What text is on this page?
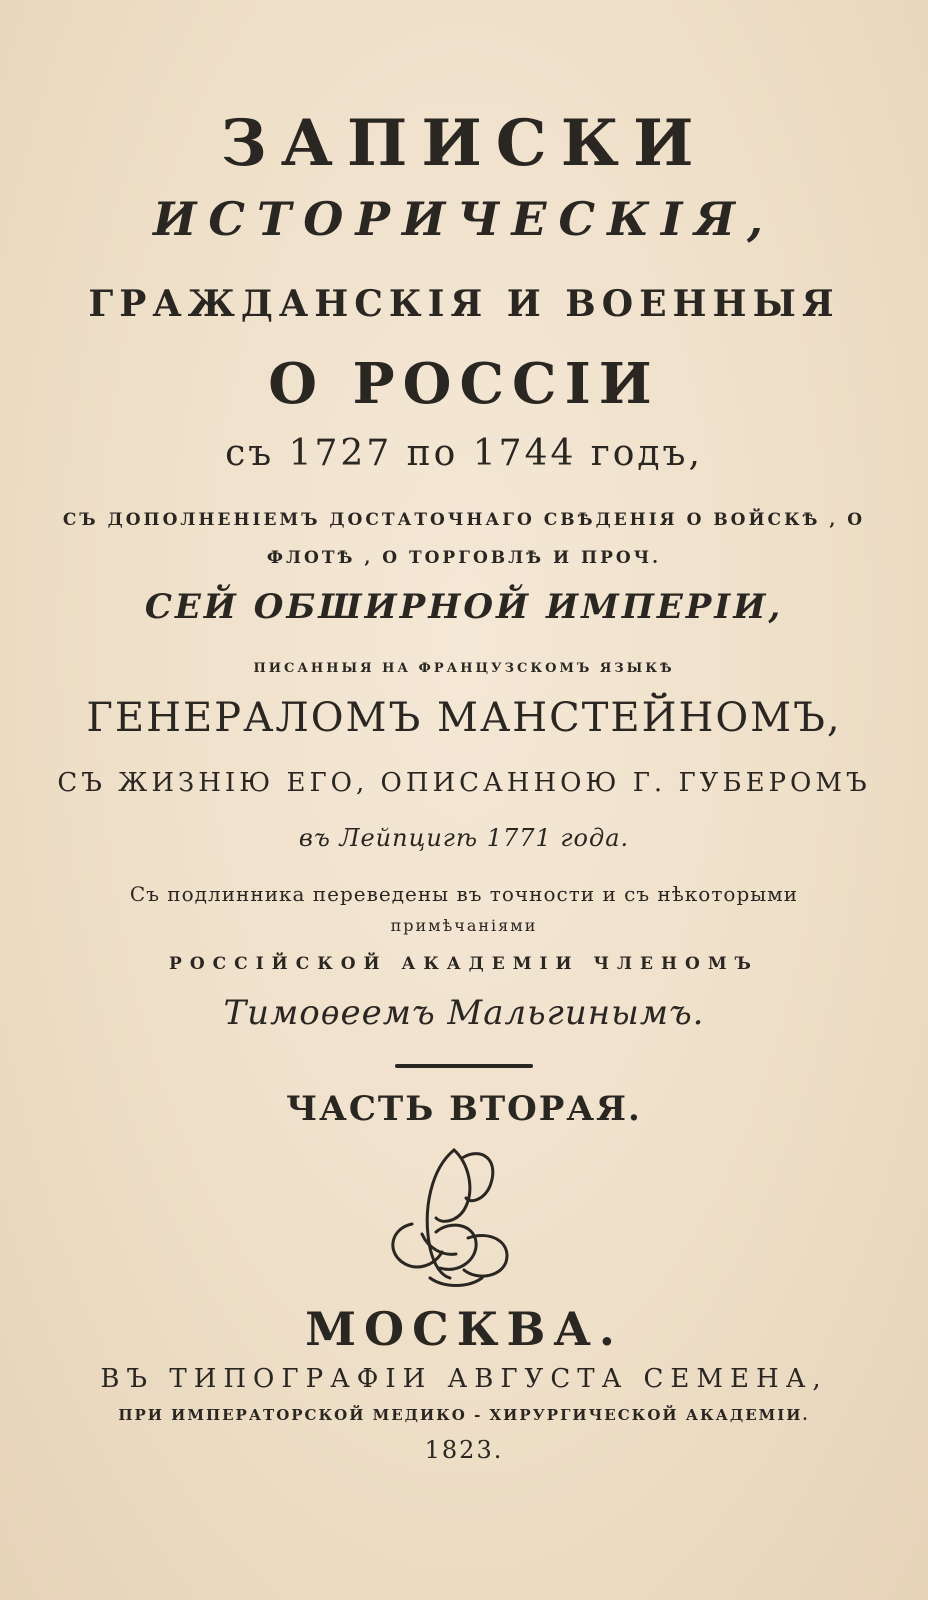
ЗАПИСКИ
ИСТОРИЧЕСКІЯ,
ГРАЖДАНСКІЯ И ВОЕННЫЯ
О РОССІИ
съ 1727 по 1744 годъ,
СЪ ДОПОЛНЕНІЕМЪ ДОСТАТОЧНАГО СВѢДЕНІЯ О ВОЙСКѢ , О
ФЛОТѢ , О ТОРГОВЛѢ И ПРОЧ.
СЕЙ ОБШИРНОЙ ИМПЕРІИ,
ПИСАННЫЯ НА ФРАНЦУЗСКОМЪ ЯЗЫКѢ
ГЕНЕРАЛОМЪ МАНСТЕЙНОМЪ,
СЪ ЖИЗНІЮ ЕГО, ОПИСАННОЮ Г. ГУБЕРОМЪ
въ Лейпцигѣ 1771 года.
Съ подлинника переведены въ точности и съ нѣкоторыми
примѣчаніями
РОССІЙСКОЙ АКАДЕМІИ ЧЛЕНОМЪ
Тимоѳеемъ Мальгинымъ.
ЧАСТЬ ВТОРАЯ.
МОСКВА.
ВЪ ТИПОГРАФІИ АВГУСТА СЕМЕНА,
ПРИ ИМПЕРАТОРСКОЙ МЕДИКО - ХИРУРГИЧЕСКОЙ АКАДЕМІИ.
1823.
